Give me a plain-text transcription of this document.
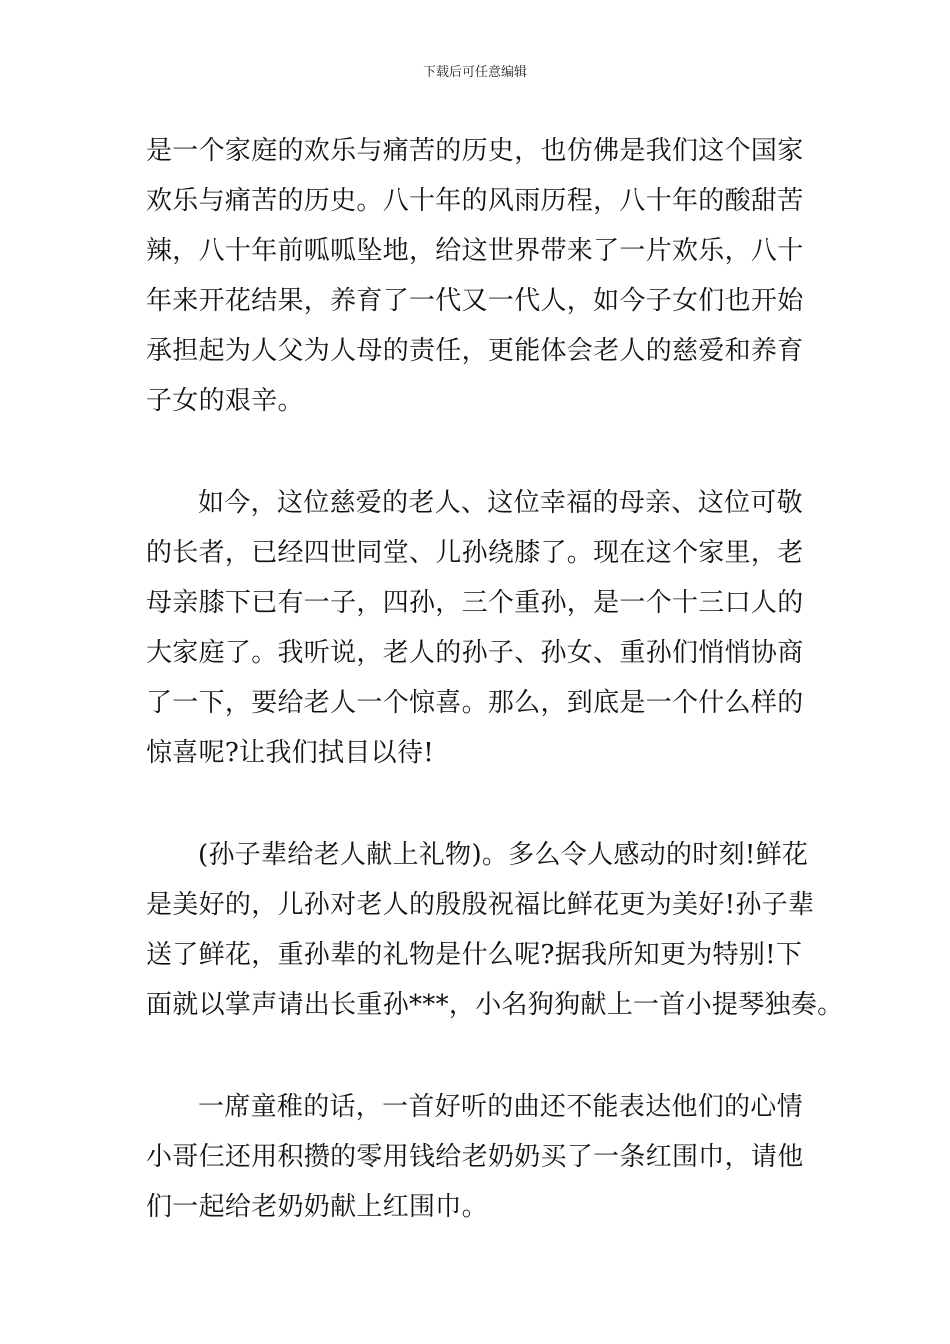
下载后可任意编辑

是一个家庭的欢乐与痛苦的历史，也仿佛是我们这个国家
欢乐与痛苦的历史。八十年的风雨历程，八十年的酸甜苦
辣，八十年前呱呱坠地，给这世界带来了一片欢乐，八十
年来开花结果，养育了一代又一代人，如今子女们也开始
承担起为人父为人母的责任，更能体会老人的慈爱和养育
子女的艰辛。

如今，这位慈爱的老人、这位幸福的母亲、这位可敬
的长者，已经四世同堂、儿孙绕膝了。现在这个家里，老
母亲膝下已有一子，四孙，三个重孙，是一个十三口人的
大家庭了。我听说，老人的孙子、孙女、重孙们悄悄协商
了一下，要给老人一个惊喜。那么，到底是一个什么样的
惊喜呢?让我们拭目以待!

(孙子辈给老人献上礼物)。多么令人感动的时刻!鲜花
是美好的，儿孙对老人的殷殷祝福比鲜花更为美好!孙子辈
送了鲜花，重孙辈的礼物是什么呢?据我所知更为特别!下
面就以掌声请出长重孙***，小名狗狗献上一首小提琴独奏。

一席童稚的话，一首好听的曲还不能表达他们的心情
小哥仨还用积攒的零用钱给老奶奶买了一条红围巾，请他
们一起给老奶奶献上红围巾。
